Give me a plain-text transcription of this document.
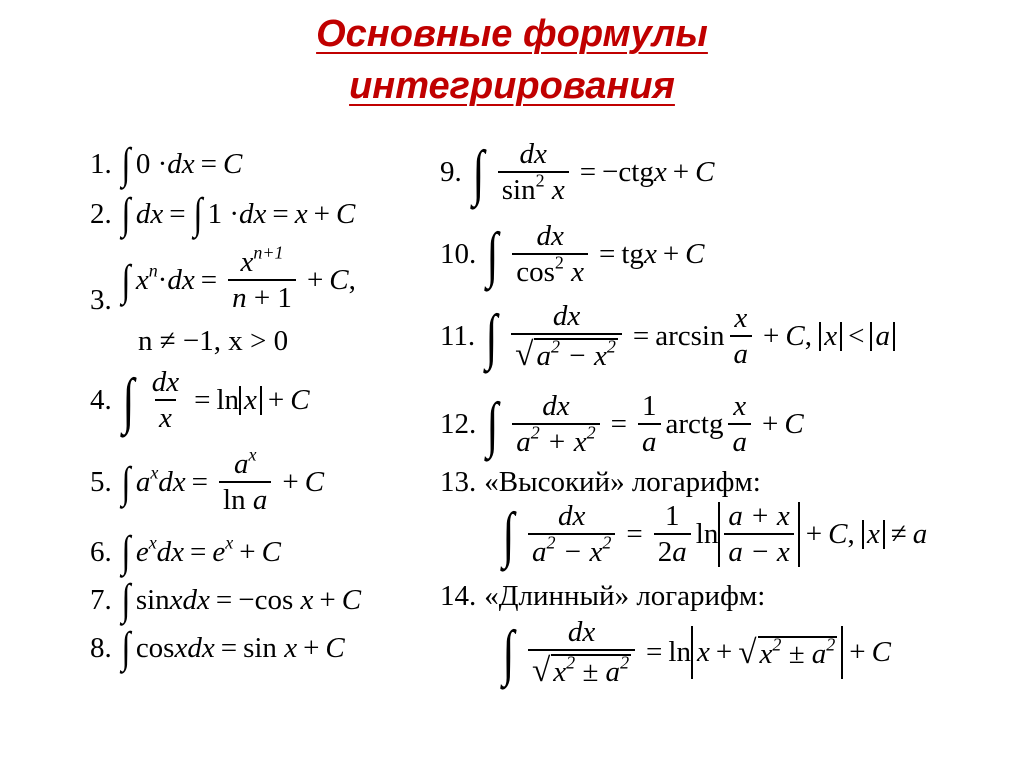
Основные формулы
интегрирования
1. ∫ 0 · dx = C
2. ∫ dx = ∫ 1 · dx = x + C
3. ∫ $x^n$ · dx = $\frac{x^{n+1}}{n + 1} + C$ ,
n ≠ −1, x > 0
4. ∫ $\frac{dx}{x} = \ln x + C$
5. ∫ $a^xdx = \frac{a^x}{\text{ln a}} + C$
6. ∫ $e^xdx = e^x + C$
7. ∫ sin xdx = −cos x + C
8. ∫ cos xdx = sin x + C
9. ∫ $\frac{dx}{\sin^2 x} = -ctg$ x + C
10. ∫ $\frac{dx}{\cos^2 x}$ = tg x + C
11. ∫ $\frac{dx}{√ a^2 - x^2} = \arcsin \frac{x}{a} + C$ , x < a
12. ∫ $\frac{dx}{a^2 + x^2} = \frac{1}{a}$ arctg $\frac{x}{a} + C$
13. «Высокий» логарифм:
∫ $\frac{dx}{a^2 - x^2} = \frac{1}{2a}$ $\ln \frac{a + x}{a - x} + C$ , x ≠ a
14. «Длинный» логарифм:
∫ $\frac{dx}{√ x^2 \pm a^2} = \ln x$ + √ $x^2 \pm a^2 + C$
